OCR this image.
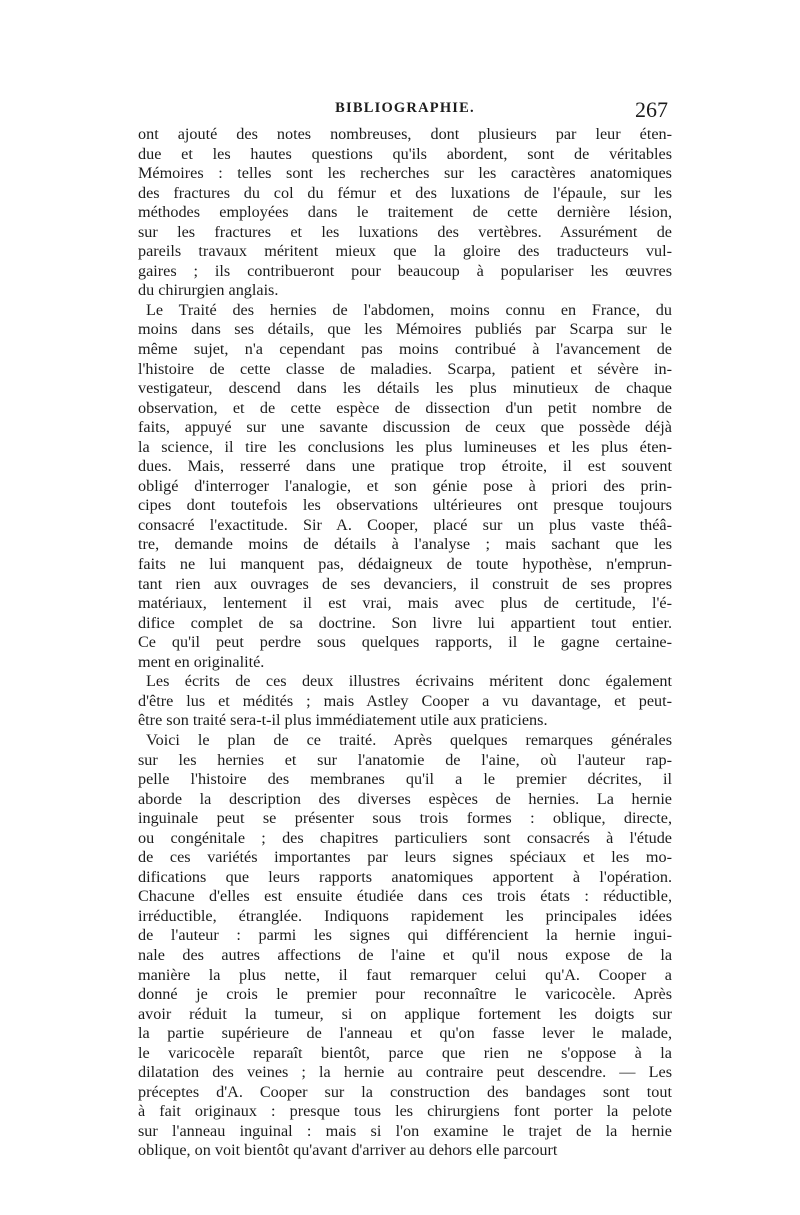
BIBLIOGRAPHIE.	267
ont ajouté des notes nombreuses, dont plusieurs par leur éten-
due et les hautes questions qu'ils abordent, sont de véritables
Mémoires : telles sont les recherches sur les caractères anatomiques
des fractures du col du fémur et des luxations de l'épaule, sur les
méthodes employées dans le traitement de cette dernière lésion,
sur les fractures et les luxations des vertèbres. Assurément de
pareils travaux méritent mieux que la gloire des traducteurs vul-
gaires ; ils contribueront pour beaucoup à populariser les œuvres
du chirurgien anglais.
Le Traité des hernies de l'abdomen, moins connu en France, du
moins dans ses détails, que les Mémoires publiés par Scarpa sur le
même sujet, n'a cependant pas moins contribué à l'avancement de
l'histoire de cette classe de maladies. Scarpa, patient et sévère in-
vestigateur, descend dans les détails les plus minutieux de chaque
observation, et de cette espèce de dissection d'un petit nombre de
faits, appuyé sur une savante discussion de ceux que possède déjà
la science, il tire les conclusions les plus lumineuses et les plus éten-
dues. Mais, resserré dans une pratique trop étroite, il est souvent
obligé d'interroger l'analogie, et son génie pose à priori des prin-
cipes dont toutefois les observations ultérieures ont presque toujours
consacré l'exactitude. Sir A. Cooper, placé sur un plus vaste théâ-
tre, demande moins de détails à l'analyse ; mais sachant que les
faits ne lui manquent pas, dédaigneux de toute hypothèse, n'emprun-
tant rien aux ouvrages de ses devanciers, il construit de ses propres
matériaux, lentement il est vrai, mais avec plus de certitude, l'é-
difice complet de sa doctrine. Son livre lui appartient tout entier.
Ce qu'il peut perdre sous quelques rapports, il le gagne certaine-
ment en originalité.
Les écrits de ces deux illustres écrivains méritent donc également
d'être lus et médités ; mais Astley Cooper a vu davantage, et peut-
être son traité sera-t-il plus immédiatement utile aux praticiens.
Voici le plan de ce traité. Après quelques remarques générales
sur les hernies et sur l'anatomie de l'aine, où l'auteur rap-
pelle l'histoire des membranes qu'il a le premier décrites, il
aborde la description des diverses espèces de hernies. La hernie
inguinale peut se présenter sous trois formes : oblique, directe,
ou congénitale ; des chapitres particuliers sont consacrés à l'étude
de ces variétés importantes par leurs signes spéciaux et les mo-
difications que leurs rapports anatomiques apportent à l'opération.
Chacune d'elles est ensuite étudiée dans ces trois états : réductible,
irréductible, étranglée. Indiquons rapidement les principales idées
de l'auteur : parmi les signes qui différencient la hernie ingui-
nale des autres affections de l'aine et qu'il nous expose de la
manière la plus nette, il faut remarquer celui qu'A. Cooper a
donné je crois le premier pour reconnaître le varicocèle. Après
avoir réduit la tumeur, si on applique fortement les doigts sur
la partie supérieure de l'anneau et qu'on fasse lever le malade,
le varicocèle reparaît bientôt, parce que rien ne s'oppose à la
dilatation des veines ; la hernie au contraire peut descendre. — Les
préceptes d'A. Cooper sur la construction des bandages sont tout
à fait originaux : presque tous les chirurgiens font porter la pelote
sur l'anneau inguinal : mais si l'on examine le trajet de la hernie
oblique, on voit bientôt qu'avant d'arriver au dehors elle parcourt
